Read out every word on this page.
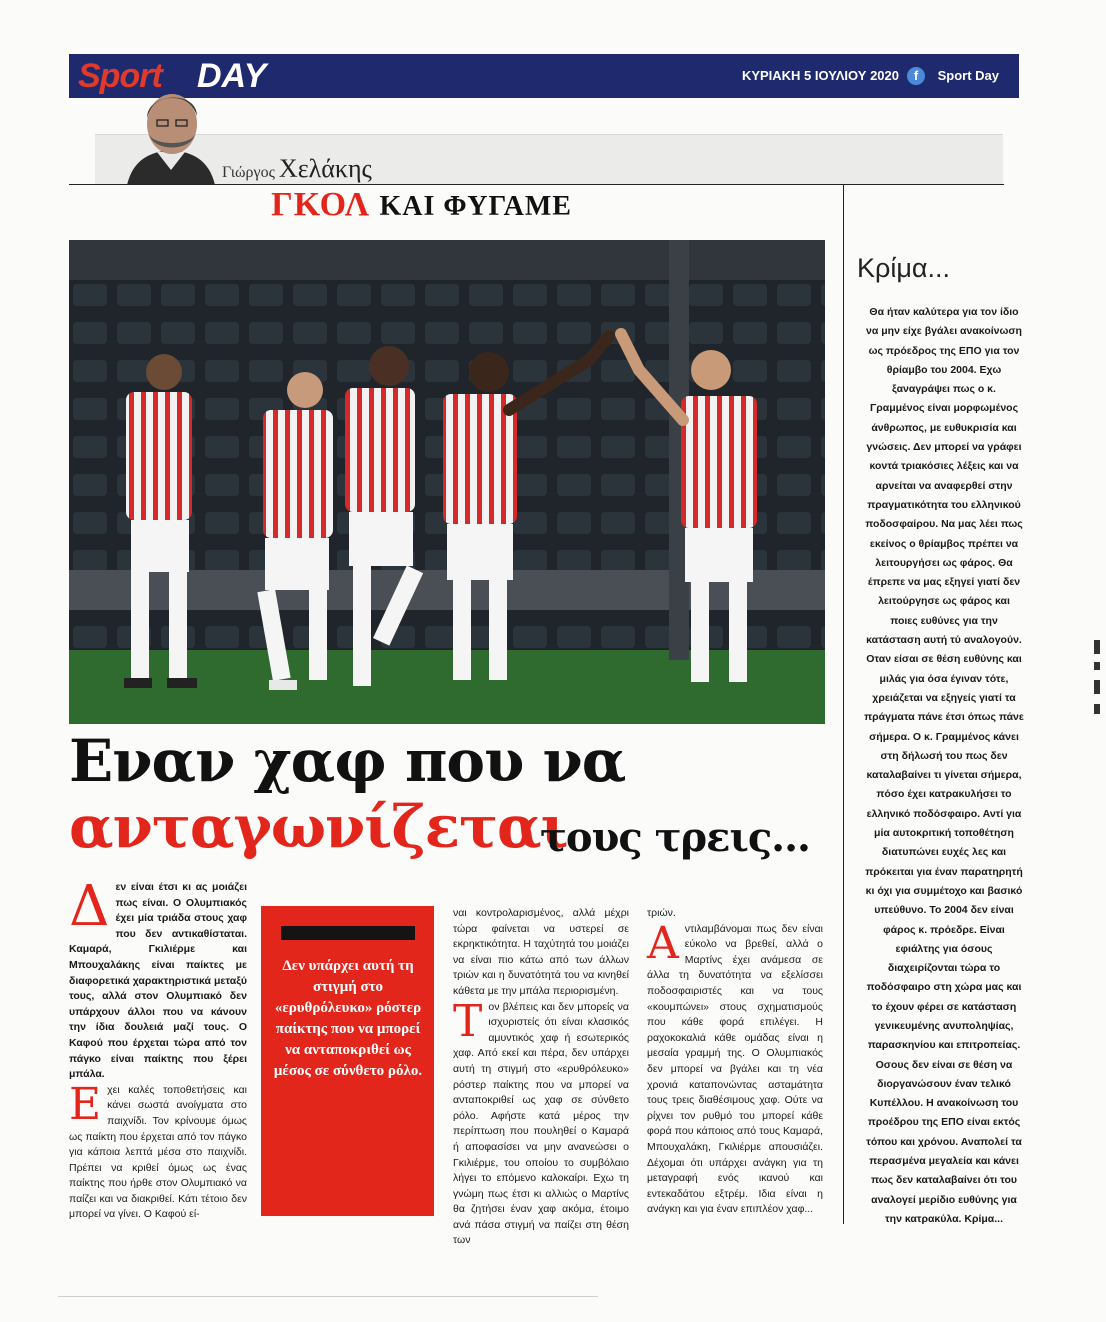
Sport DAY	ΚΥΡΙΑΚΗ 5 ΙΟΥΛΙΟΥ 2020	f	Sport Day
Γιώργος Χελάκης
ΓΚΟΛ ΚΑΙ ΦΥΓΑΜΕ
Εναν χαφ που να
ανταγωνίζεται
τους τρεις...
Δ εν είναι έτσι κι ας μοιάζει πως είναι. Ο Ολυμπιακός έχει μία τριάδα στους χαφ που δεν αντικαθίσταται. Καμαρά, Γκιλιέρμε και Μπουχαλάκης είναι παίκτες με διαφορετικά χαρακτηριστικά μεταξύ τους, αλλά στον Ολυμπιακό δεν υπάρχουν άλλοι που να κάνουν την ίδια δουλειά μαζί τους. Ο Καφού που έρχεται τώρα από τον πάγκο είναι παίκτης που ξέρει μπάλα.

Ε χει καλές τοποθετήσεις και κάνει σωστά ανοίγματα στο παιχνίδι. Τον κρίνουμε όμως ως παίκτη που έρχεται από τον πάγκο για κάποια λεπτά μέσα στο παιχνίδι. Πρέπει να κριθεί όμως ως ένας παίκτης που ήρθε στον Ολυμπιακό να παίζει και να διακριθεί. Κάτι τέτοιο δεν μπορεί να γίνει. Ο Καφού εί-
Δεν υπάρχει αυτή τη στιγμή στο «ερυθρόλευκο» ρόστερ παίκτης που να μπορεί να ανταποκριθεί ως μέσος σε σύνθετο ρόλο.
ναι κοντρολαρισμένος, αλλά μέχρι τώρα φαίνεται να υστερεί σε εκρηκτικότητα. Η ταχύτητά του μοιάζει να είναι πιο κάτω από των άλλων τριών και η δυνατότητά του να κινηθεί κάθετα με την μπάλα περιορισμένη.

Τ ον βλέπεις και δεν μπορείς να ισχυριστείς ότι είναι κλασικός αμυντικός χαφ ή εσωτερικός χαφ. Από εκεί και πέρα, δεν υπάρχει αυτή τη στιγμή στο «ερυθρόλευκο» ρόστερ παίκτης που να μπορεί να ανταποκριθεί ως χαφ σε σύνθετο ρόλο. Αφήστε κατά μέρος την περίπτωση που πουληθεί ο Καμαρά ή αποφασίσει να μην ανανεώσει ο Γκιλιέρμε, του οποίου το συμβόλαιο λήγει το επόμενο καλοκαίρι. Εχω τη γνώμη πως έτσι κι αλλιώς ο Μαρτίνς θα ζητήσει έναν χαφ ακόμα, έτοιμο ανά πάσα στιγμή να παίζει στη θέση των
τριών.

Α ντιλαμβάνομαι πως δεν είναι εύκολο να βρεθεί, αλλά ο Μαρτίνς έχει ανάμεσα σε άλλα τη δυνατότητα να εξελίσσει ποδοσφαιριστές και να τους «κουμπώνει» στους σχηματισμούς που κάθε φορά επιλέγει. Η ραχοκοκαλιά κάθε ομάδας είναι η μεσαία γραμμή της. Ο Ολυμπιακός δεν μπορεί να βγάλει και τη νέα χρονιά καταπονώντας ασταμάτητα τους τρεις διαθέσιμους χαφ. Ούτε να ρίχνει τον ρυθμό του μπορεί κάθε φορά που κάποιος από τους Καμαρά, Μπουχαλάκη, Γκιλιέρμε απουσιάζει. Δέχομαι ότι υπάρχει ανάγκη για τη μεταγραφή ενός ικανού και εντεκαδάτου εξτρέμ. Ιδια είναι η ανάγκη και για έναν επιπλέον χαφ...
Κρίμα...
Θα ήταν καλύτερα για τον ίδιο να μην είχε βγάλει ανακοίνωση ως πρόεδρος της ΕΠΟ για τον θρίαμβο του 2004. Εχω ξαναγράψει πως ο κ. Γραμμένος είναι μορφωμένος άνθρωπος, με ευθυκρισία και γνώσεις. Δεν μπορεί να γράφει κοντά τριακόσιες λέξεις και να αρνείται να αναφερθεί στην πραγματικότητα του ελληνικού ποδοσφαίρου. Να μας λέει πως εκείνος ο θρίαμβος πρέπει να λειτουργήσει ως φάρος. Θα έπρεπε να μας εξηγεί γιατί δεν λειτούργησε ως φάρος και ποιες ευθύνες για την κατάσταση αυτή τύ αναλογούν. Οταν είσαι σε θέση ευθύνης και μιλάς για όσα έγιναν τότε, χρειάζεται να εξηγείς γιατί τα πράγματα πάνε έτσι όπως πάνε σήμερα. Ο κ. Γραμμένος κάνει στη δήλωσή του πως δεν καταλαβαίνει τι γίνεται σήμερα, πόσο έχει κατρακυλήσει το ελληνικό ποδόσφαιρο. Αντί για μία αυτοκριτική τοποθέτηση διατυπώνει ευχές λες και πρόκειται για έναν παρατηρητή κι όχι για συμμέτοχο και βασικό υπεύθυνο. Το 2004 δεν είναι φάρος κ. πρόεδρε. Είναι εφιάλτης για όσους διαχειρίζονται τώρα το ποδόσφαιρο στη χώρα μας και το έχουν φέρει σε κατάσταση γενικευμένης ανυποληψίας, παρασκηνίου και επιτροπείας. Οσους δεν είναι σε θέση να διοργανώσουν έναν τελικό Κυπέλλου. Η ανακοίνωση του προέδρου της ΕΠΟ είναι εκτός τόπου και χρόνου. Αναπολεί τα περασμένα μεγαλεία και κάνει πως δεν καταλαβαίνει ότι του αναλογεί μερίδιο ευθύνης για την κατρακύλα. Κρίμα...
